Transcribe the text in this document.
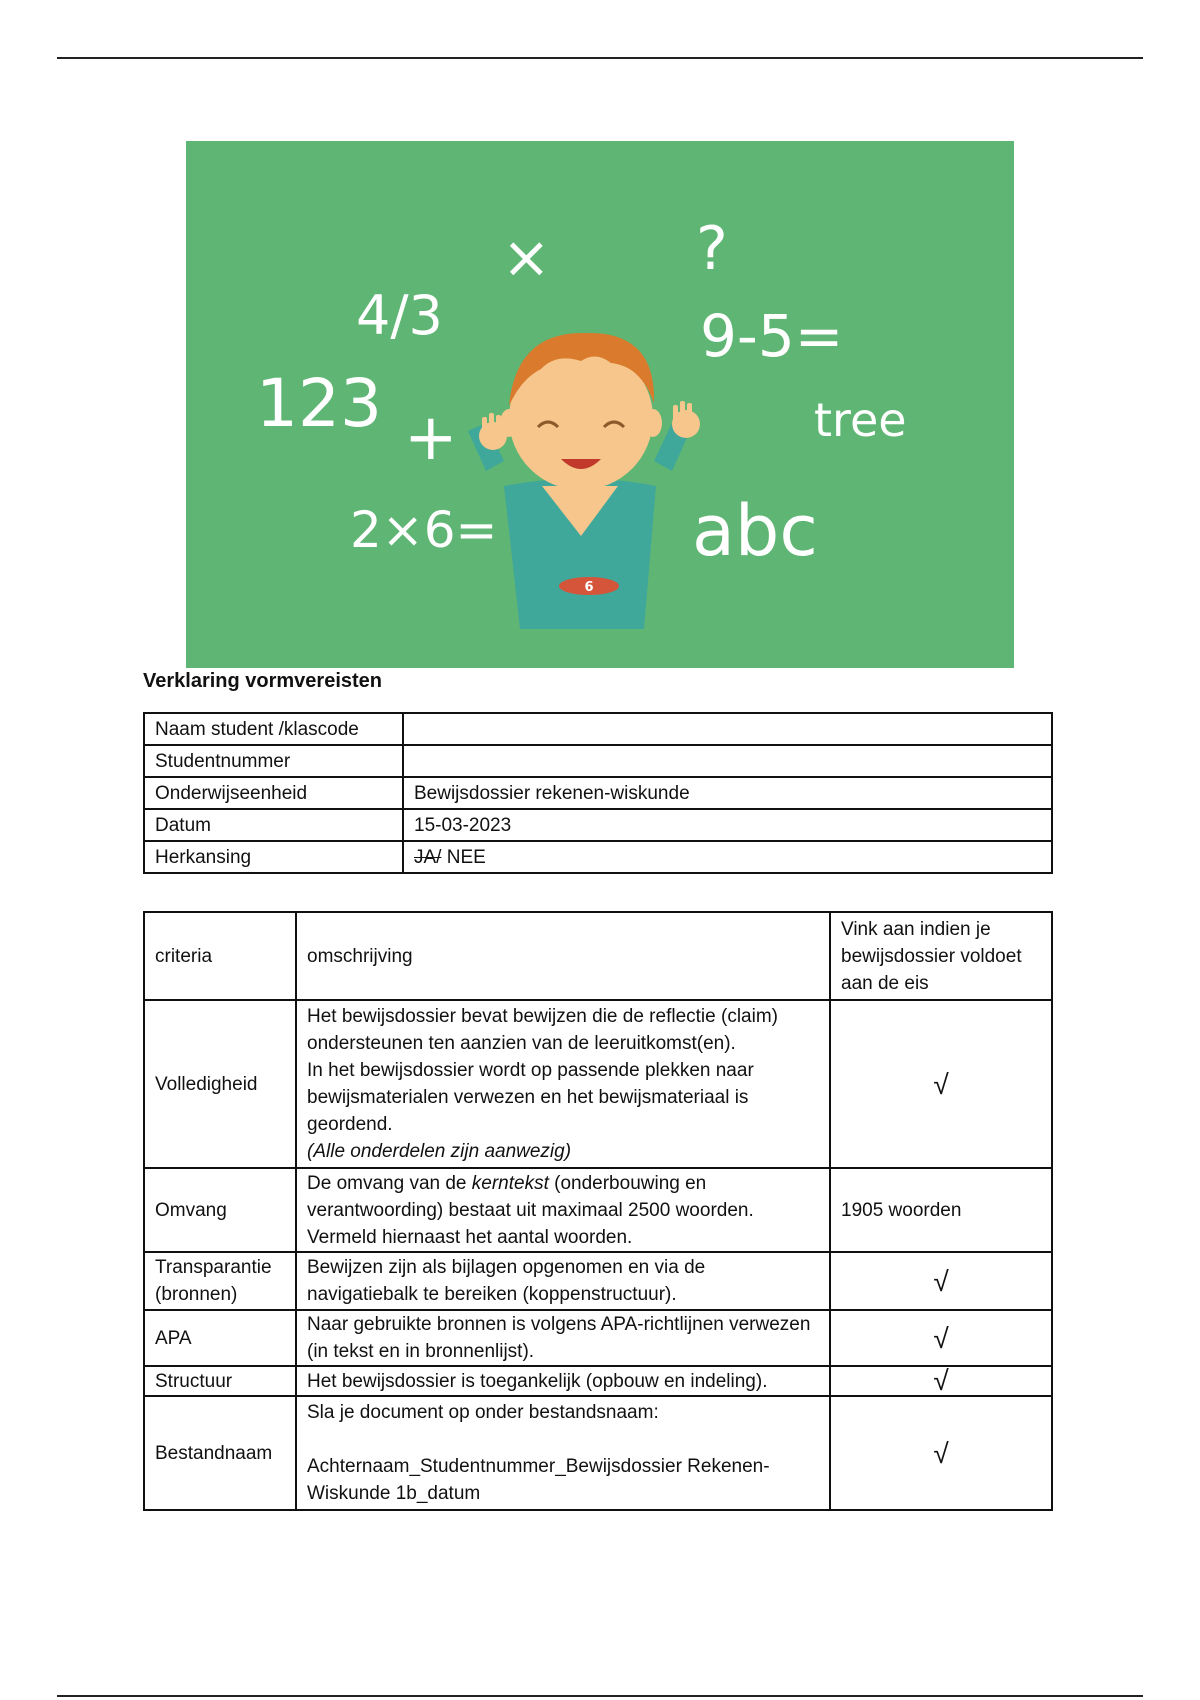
× ?
4/3	9-5=
123 +	tree
2×6=	abc
6
Verklaring vormvereisten
Naam student /klascode	
Studentnummer	
Onderwijseenheid	Bewijsdossier rekenen-wiskunde
Datum	15-03-2023
Herkansing	JA/ NEE
criteria	omschrijving	Vink aan indien je bewijsdossier voldoet aan de eis
Volledigheid	Het bewijsdossier bevat bewijzen die de reflectie (claim) ondersteunen ten aanzien van de leeruitkomst(en).
In het bewijsdossier wordt op passende plekken naar bewijsmaterialen verwezen en het bewijsmateriaal is geordend.
(Alle onderdelen zijn aanwezig)	√
Omvang	De omvang van de kerntekst (onderbouwing en verantwoording) bestaat uit maximaal 2500 woorden. Vermeld hiernaast het aantal woorden.	1905 woorden
Transparantie (bronnen)	Bewijzen zijn als bijlagen opgenomen en via de navigatiebalk te bereiken (koppenstructuur).	√
APA	Naar gebruikte bronnen is volgens APA-richtlijnen verwezen (in tekst en in bronnenlijst).	√
Structuur	Het bewijsdossier is toegankelijk (opbouw en indeling).	√
Bestandnaam	Sla je document op onder bestandsnaam:

Achternaam_Studentnummer_Bewijsdossier Rekenen-Wiskunde 1b_datum	√
